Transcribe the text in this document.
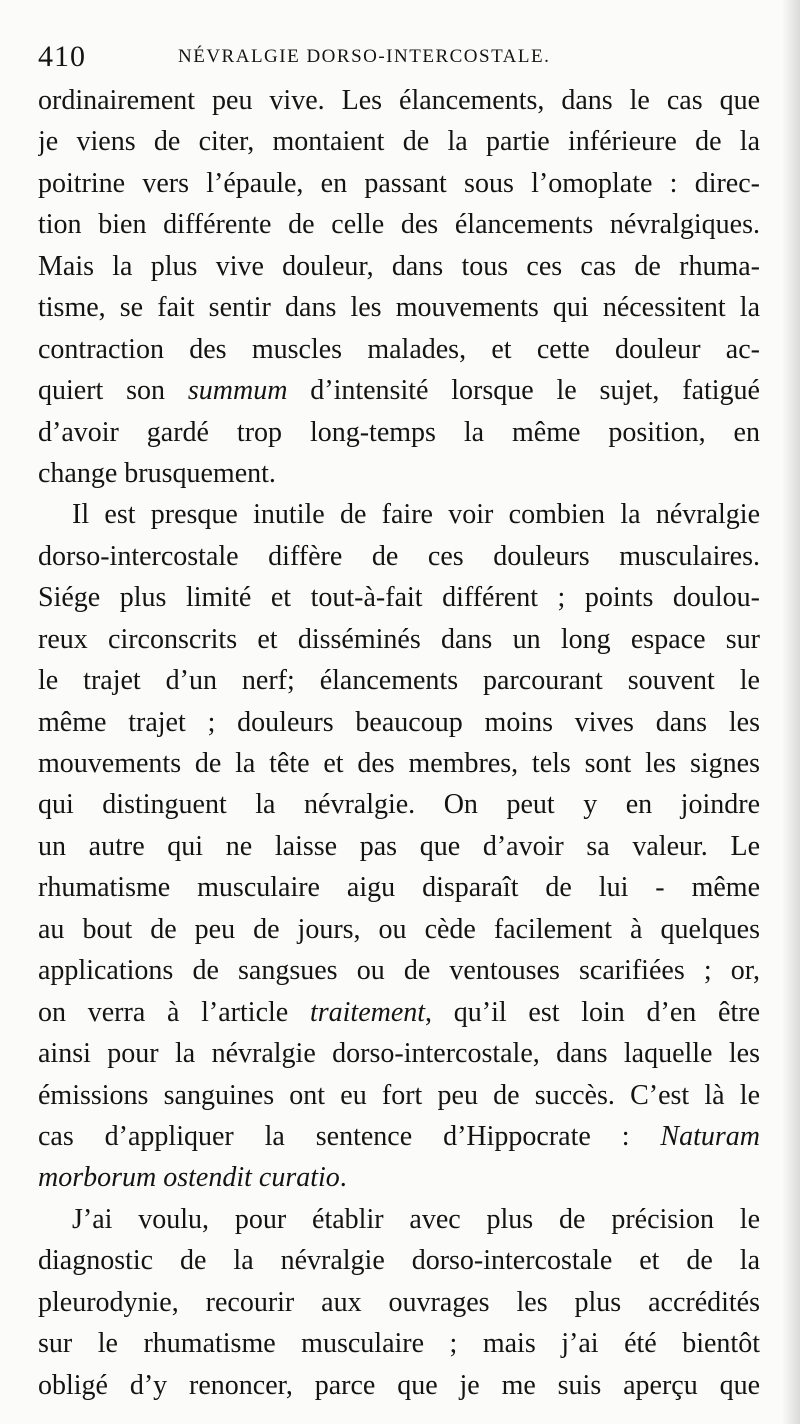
410	NÉVRALGIE DORSO-INTERCOSTALE.
ordinairement peu vive. Les élancements, dans le cas que
je viens de citer, montaient de la partie inférieure de la
poitrine vers l’épaule, en passant sous l’omoplate : direc-
tion bien différente de celle des élancements névralgiques.
Mais la plus vive douleur, dans tous ces cas de rhuma-
tisme, se fait sentir dans les mouvements qui nécessitent la
contraction des muscles malades, et cette douleur ac-
quiert son summum d’intensité lorsque le sujet, fatigué
d’avoir gardé trop long-temps la même position, en
change brusquement.
Il est presque inutile de faire voir combien la névralgie
dorso-intercostale diffère de ces douleurs musculaires.
Siége plus limité et tout-à-fait différent ; points doulou-
reux circonscrits et disséminés dans un long espace sur
le trajet d’un nerf; élancements parcourant souvent le
même trajet ; douleurs beaucoup moins vives dans les
mouvements de la tête et des membres, tels sont les signes
qui distinguent la névralgie. On peut y en joindre
un autre qui ne laisse pas que d’avoir sa valeur. Le
rhumatisme musculaire aigu disparaît de lui - même
au bout de peu de jours, ou cède facilement à quelques
applications de sangsues ou de ventouses scarifiées ; or,
on verra à l’article traitement, qu’il est loin d’en être
ainsi pour la névralgie dorso-intercostale, dans laquelle les
émissions sanguines ont eu fort peu de succès. C’est là le
cas d’appliquer la sentence d’Hippocrate : Naturam
morborum ostendit curatio.
J’ai voulu, pour établir avec plus de précision le
diagnostic de la névralgie dorso-intercostale et de la
pleurodynie, recourir aux ouvrages les plus accrédités
sur le rhumatisme musculaire ; mais j’ai été bientôt
obligé d’y renoncer, parce que je me suis aperçu que
